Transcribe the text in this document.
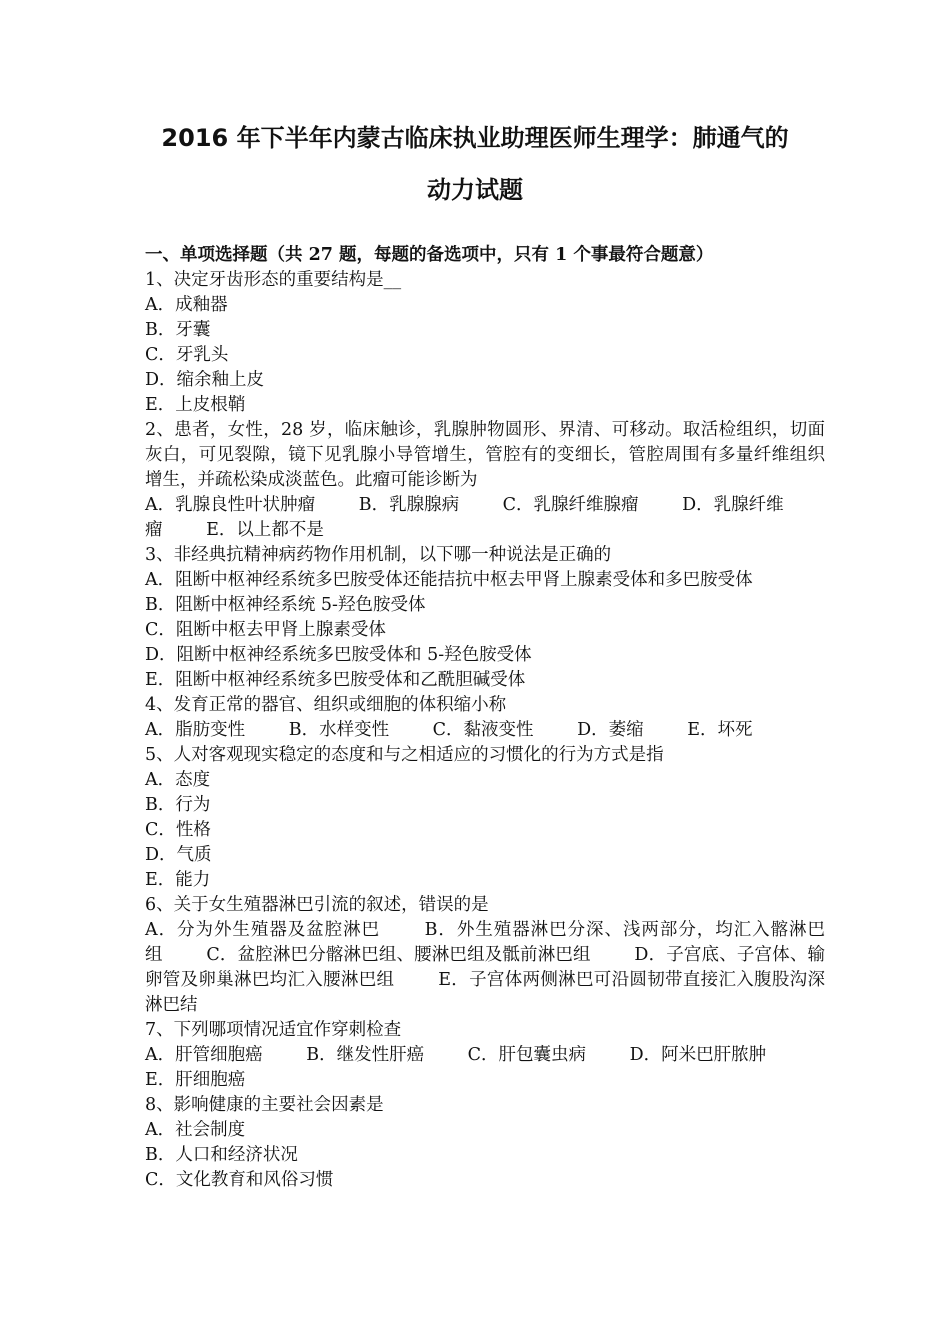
2016 年下半年内蒙古临床执业助理医师生理学：肺通气的
动力试题
一、单项选择题（共 27 题，每题的备选项中，只有 1 个事最符合题意）
1、决定牙齿形态的重要结构是__
A．成釉器
B．牙囊
C．牙乳头
D．缩余釉上皮
E．上皮根鞘
2、患者，女性，28 岁，临床触诊，乳腺肿物圆形、界清、可移动。取活检组织，切面灰白，可见裂隙，镜下见乳腺小导管增生，管腔有的变细长，管腔周围有多量纤维组织增生，并疏松染成淡蓝色。此瘤可能诊断为
A．乳腺良性叶状肿瘤 B．乳腺腺病 C．乳腺纤维腺瘤 D．乳腺纤维瘤 E．以上都不是
3、非经典抗精神病药物作用机制，以下哪一种说法是正确的
A．阻断中枢神经系统多巴胺受体还能拮抗中枢去甲肾上腺素受体和多巴胺受体
B．阻断中枢神经系统 5-羟色胺受体
C．阻断中枢去甲肾上腺素受体
D．阻断中枢神经系统多巴胺受体和 5-羟色胺受体
E．阻断中枢神经系统多巴胺受体和乙酰胆碱受体
4、发育正常的器官、组织或细胞的体积缩小称
A．脂肪变性 B．水样变性 C．黏液变性 D．萎缩 E．坏死
5、人对客观现实稳定的态度和与之相适应的习惯化的行为方式是指
A．态度
B．行为
C．性格
D．气质
E．能力
6、关于女生殖器淋巴引流的叙述，错误的是
A．分为外生殖器及盆腔淋巴	B．外生殖器淋巴分深、浅两部分，均汇入髂淋巴组 C．盆腔淋巴分髂淋巴组、腰淋巴组及骶前淋巴组 D．子宫底、子宫体、输卵管及卵巢淋巴均汇入腰淋巴组	E．子宫体两侧淋巴可沿圆韧带直接汇入腹股沟深淋巴结
7、下列哪项情况适宜作穿刺检查
A．肝管细胞癌 B．继发性肝癌 C．肝包囊虫病 D．阿米巴肝脓肿 E．肝细胞癌
8、影响健康的主要社会因素是
A．社会制度
B．人口和经济状况
C．文化教育和风俗习惯
